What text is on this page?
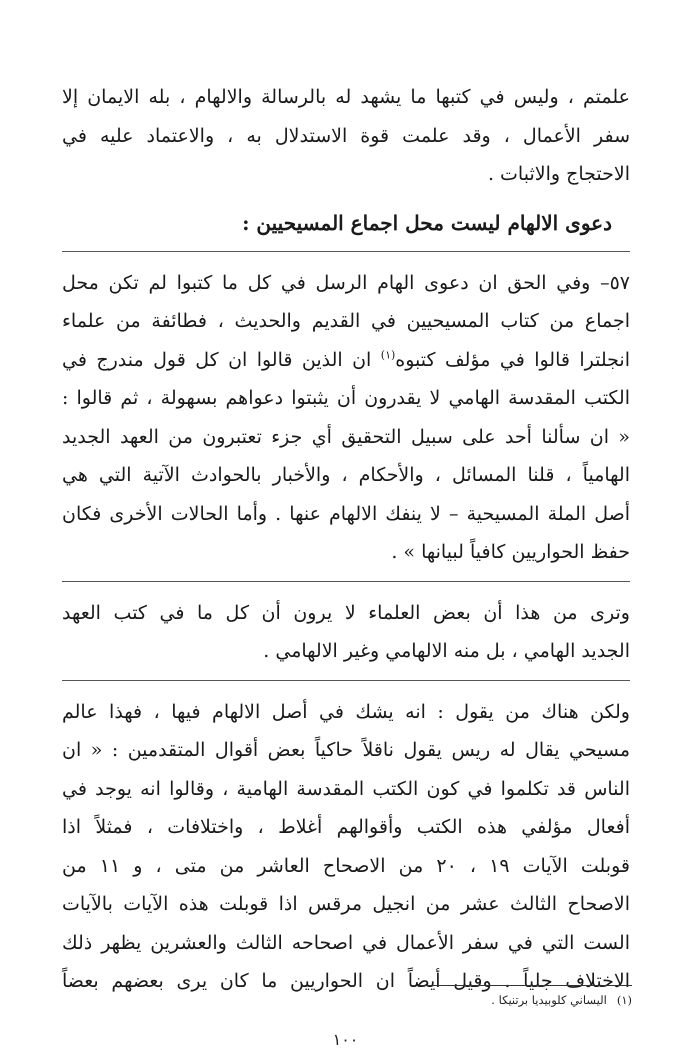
علمتم ، وليس في كتبها ما يشهد له بالرسالة والالهام ، بله الايمان إلا
سفر الأعمال ، وقد علمت قوة الاستدلال به ، والاعتماد عليه في
الاحتجاج والاثبات .

دعوى الالهام ليست محل اجماع المسيحيين :

٥٧– وفي الحق ان دعوى الهام الرسل في كل ما كتبوا لم تكن محل
اجماع من كتاب المسيحيين في القديم والحديث ، فطائفة من علماء
انجلترا قالوا في مؤلف كتبوه$^{(١)}$ ان الذين قالوا ان كل قول مندرج في
الكتب المقدسة الهامي لا يقدرون أن يثبتوا دعواهم بسهولة ، ثم قالوا :
« ان سألنا أحد على سبيل التحقيق أي جزء تعتبرون من العهد الجديد
الهامياً ، قلنا المسائل ، والأحكام ، والأخبار بالحوادث الآتية التي هي
أصل الملة المسيحية – لا ينفك الالهام عنها . وأما الحالات الأخرى فكان
حفظ الحواريين كافياً لبيانها » .

وترى من هذا أن بعض العلماء لا يرون أن كل ما في كتب العهد
الجديد الهامي ، بل منه الالهامي وغير الالهامي .

ولكن هناك من يقول : انه يشك في أصل الالهام فيها ، فهذا عالم
مسيحي يقال له ريس يقول ناقلاً حاكياً بعض أقوال المتقدمين : « ان
الناس قد تكلموا في كون الكتب المقدسة الهامية ، وقالوا انه يوجد في
أفعال مؤلفي هذه الكتب وأقوالهم أغلاط ، واختلافات ، فمثلاً اذا
قوبلت الآيات ١٩ ، ٢٠ من الاصحاح العاشر من متى ، و ١١ من
الاصحاح الثالث عشر من انجيل مرقس اذا قوبلت هذه الآيات بالآيات
الست التي في سفر الأعمال في اصحاحه الثالث والعشرين يظهر ذلك
الاختلاف جلياً . وقيل أيضاً ان الحواريين ما كان يرى بعضهم بعضاً

(١)اليساني كلوبيديا برتنيكا .
١٠٠
